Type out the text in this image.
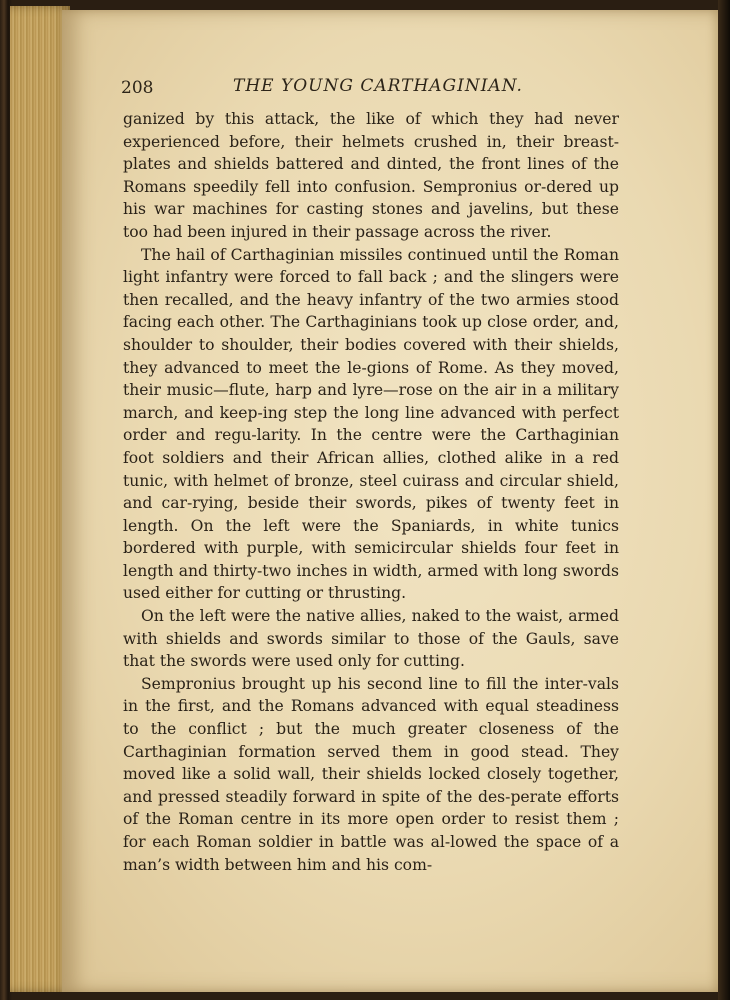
208	THE YOUNG CARTHAGINIAN.

ganized by this attack, the like of which they had never experienced before, their helmets crushed in, their breast-plates and shields battered and dinted, the front lines of the Romans speedily fell into confusion. Sempronius or-dered up his war machines for casting stones and javelins, but these too had been injured in their passage across the river.

The hail of Carthaginian missiles continued until the Roman light infantry were forced to fall back ; and the slingers were then recalled, and the heavy infantry of the two armies stood facing each other. The Carthaginians took up close order, and, shoulder to shoulder, their bodies covered with their shields, they advanced to meet the le-gions of Rome. As they moved, their music—flute, harp and lyre—rose on the air in a military march, and keep-ing step the long line advanced with perfect order and regu-larity. In the centre were the Carthaginian foot soldiers and their African allies, clothed alike in a red tunic, with helmet of bronze, steel cuirass and circular shield, and car-rying, beside their swords, pikes of twenty feet in length. On the left were the Spaniards, in white tunics bordered with purple, with semicircular shields four feet in length and thirty-two inches in width, armed with long swords used either for cutting or thrusting.

On the left were the native allies, naked to the waist, armed with shields and swords similar to those of the Gauls, save that the swords were used only for cutting.

Sempronius brought up his second line to fill the inter-vals in the first, and the Romans advanced with equal steadiness to the conflict ; but the much greater closeness of the Carthaginian formation served them in good stead. They moved like a solid wall, their shields locked closely together, and pressed steadily forward in spite of the des-perate efforts of the Roman centre in its more open order to resist them ; for each Roman soldier in battle was al-lowed the space of a man’s width between him and his com-
